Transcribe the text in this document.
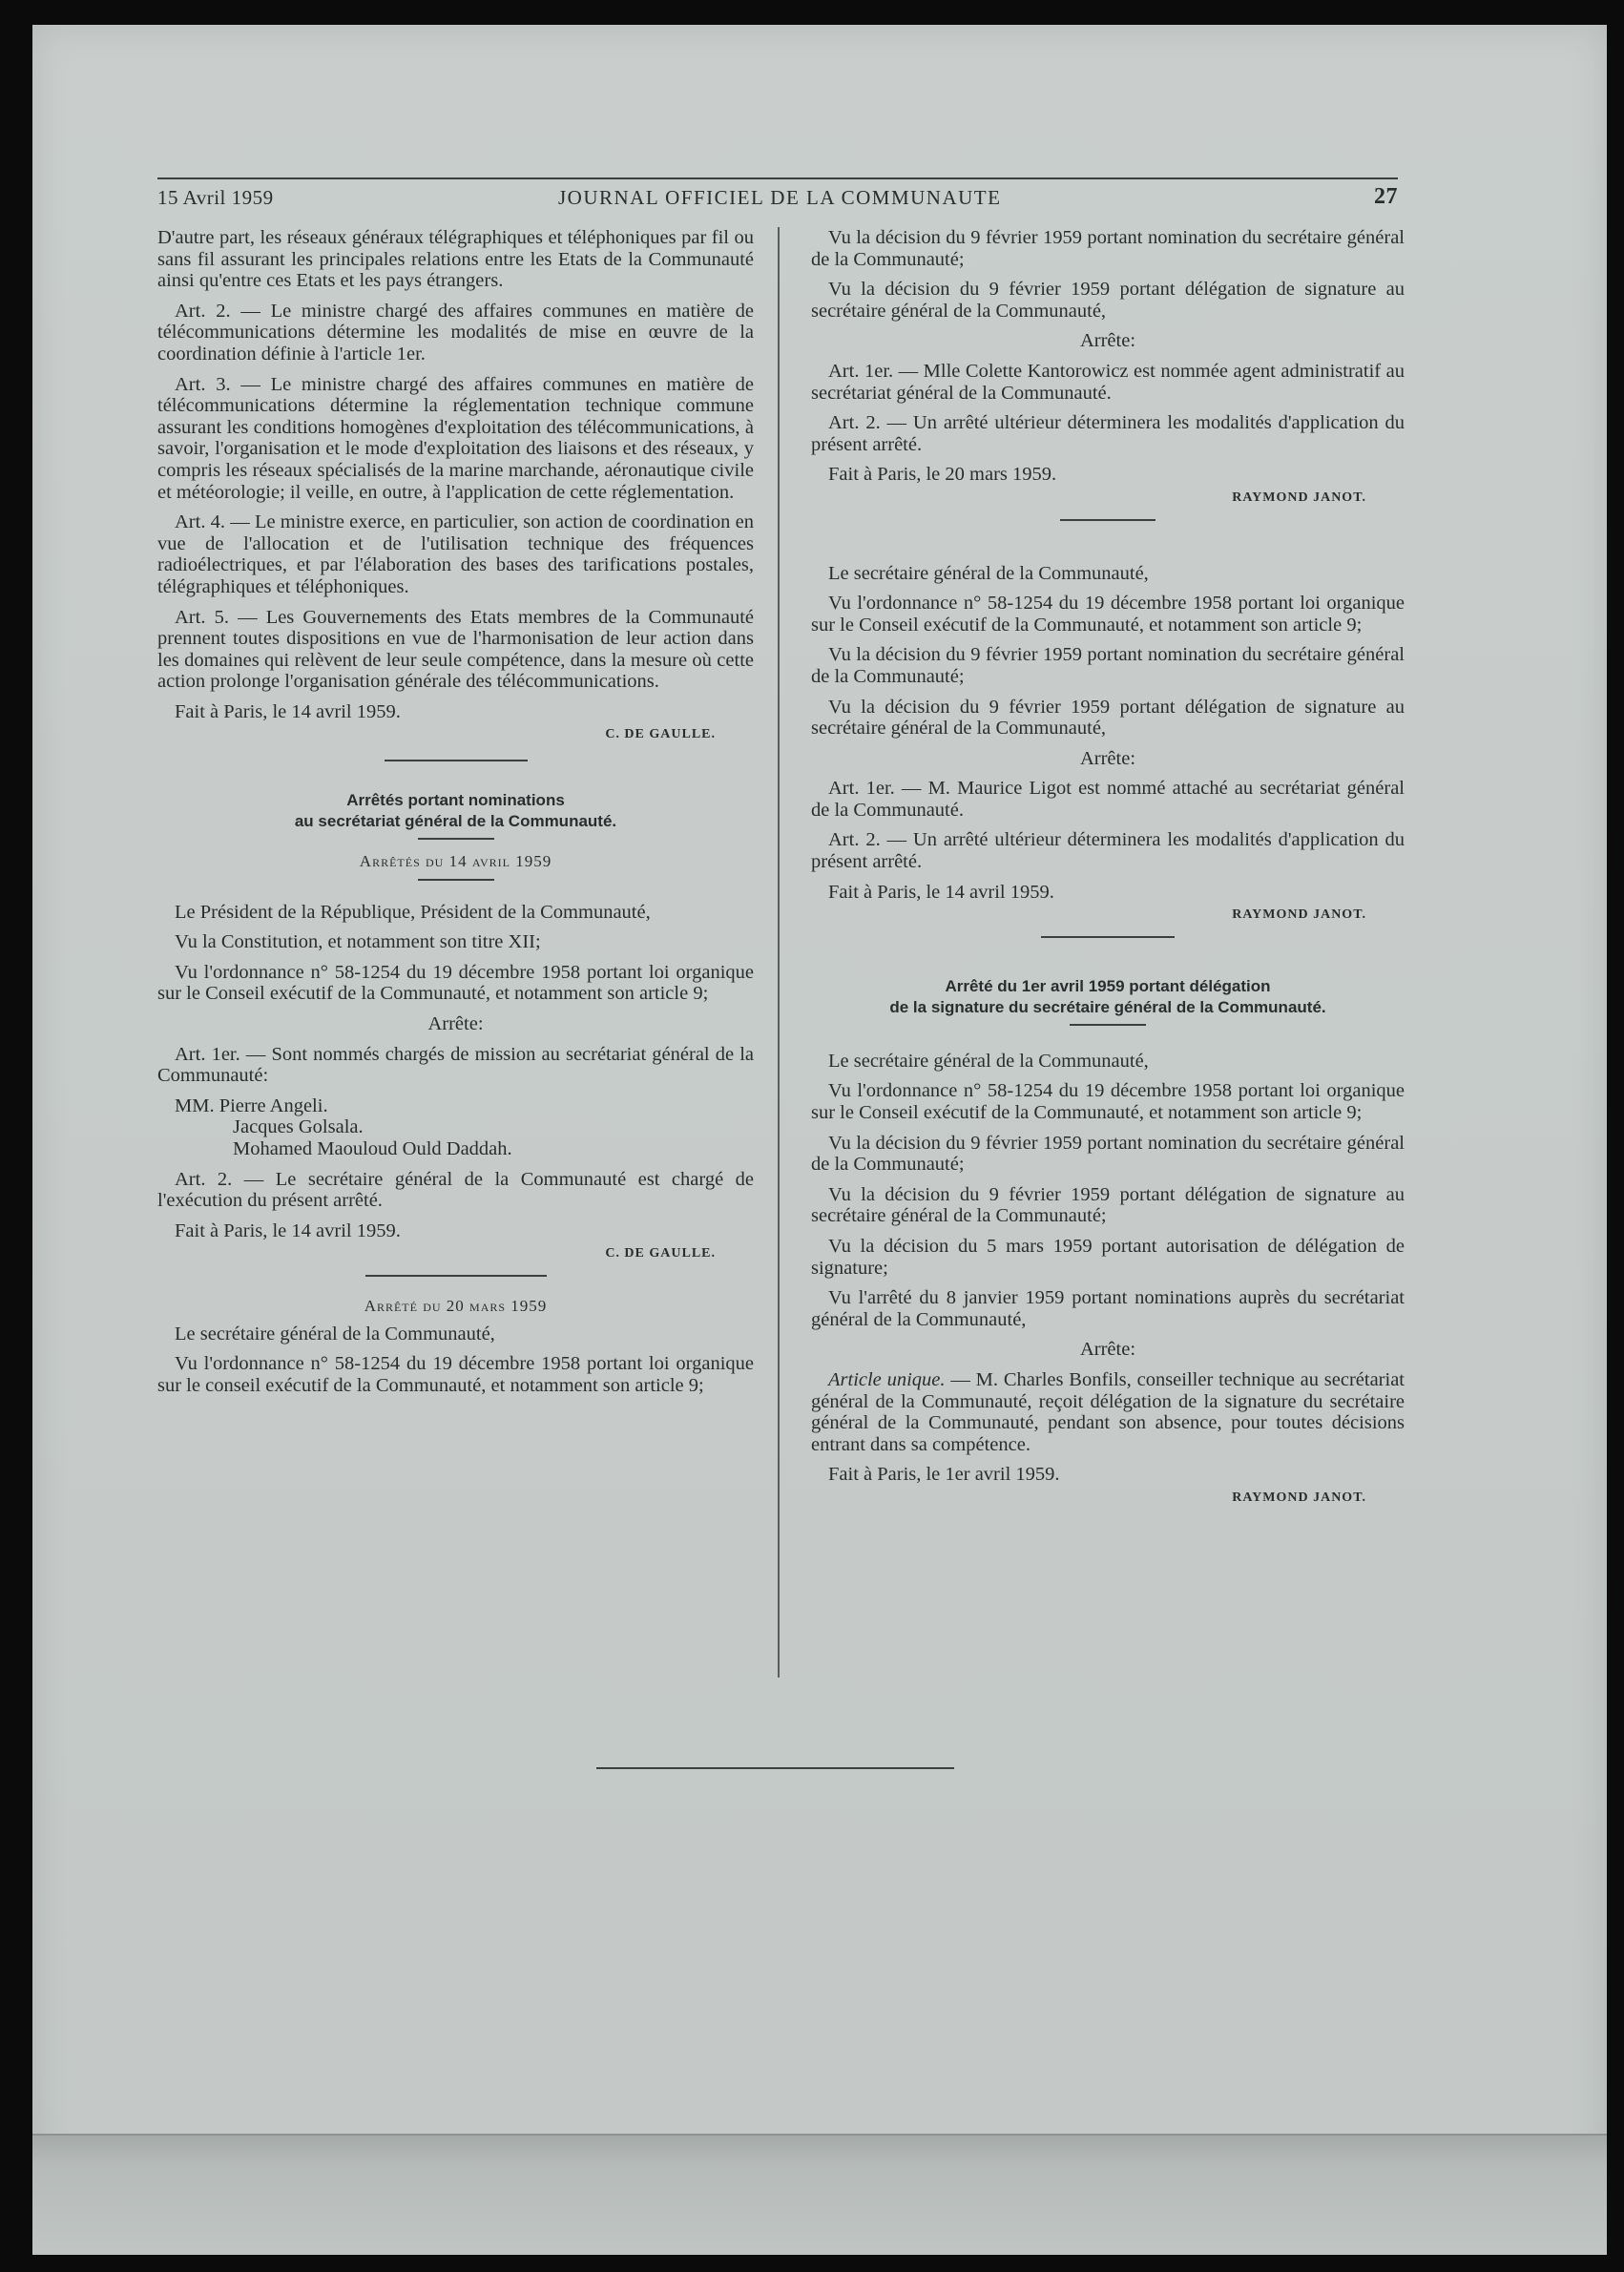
15 Avril 1959	JOURNAL OFFICIEL DE LA COMMUNAUTE	27

D'autre part, les réseaux généraux télégraphiques et téléphoniques par fil ou sans fil assurant les principales relations entre les Etats de la Communauté ainsi qu'entre ces Etats et les pays étrangers.

Art. 2. — Le ministre chargé des affaires communes en matière de télécommunications détermine les modalités de mise en œuvre de la coordination définie à l'article 1er.

Art. 3. — Le ministre chargé des affaires communes en matière de télécommunications détermine la réglementation technique commune assurant les conditions homogènes d'exploitation des télécommunications, à savoir, l'organisation et le mode d'exploitation des liaisons et des réseaux, y compris les réseaux spécialisés de la marine marchande, aéronautique civile et météorologie; il veille, en outre, à l'application de cette réglementation.

Art. 4. — Le ministre exerce, en particulier, son action de coordination en vue de l'allocation et de l'utilisation technique des fréquences radioélectriques, et par l'élaboration des bases des tarifications postales, télégraphiques et téléphoniques.

Art. 5. — Les Gouvernements des Etats membres de la Communauté prennent toutes dispositions en vue de l'harmonisation de leur action dans les domaines qui relèvent de leur seule compétence, dans la mesure où cette action prolonge l'organisation générale des télécommunications.

Fait à Paris, le 14 avril 1959.

C. DE GAULLE.
Arrêtés portant nominations
au secrétariat général de la Communauté.
Arrêtés du 14 avril 1959

Le Président de la République, Président de la Communauté,

Vu la Constitution, et notamment son titre XII;

Vu l'ordonnance n° 58-1254 du 19 décembre 1958 portant loi organique sur le Conseil exécutif de la Communauté, et notamment son article 9;

Arrête:

Art. 1er. — Sont nommés chargés de mission au secrétariat général de la Communauté:

MM. Pierre Angeli.

Jacques Golsala.

Mohamed Maouloud Ould Daddah.

Art. 2. — Le secrétaire général de la Communauté est chargé de l'exécution du présent arrêté.

Fait à Paris, le 14 avril 1959.

C. DE GAULLE.
Arrêté du 20 mars 1959

Le secrétaire général de la Communauté,

Vu l'ordonnance n° 58-1254 du 19 décembre 1958 portant loi organique sur le conseil exécutif de la Communauté, et notamment son article 9;

Vu la décision du 9 février 1959 portant nomination du secrétaire général de la Communauté;

Vu la décision du 9 février 1959 portant délégation de signature au secrétaire général de la Communauté,

Arrête:

Art. 1er. — Mlle Colette Kantorowicz est nommée agent administratif au secrétariat général de la Communauté.

Art. 2. — Un arrêté ultérieur déterminera les modalités d'application du présent arrêté.

Fait à Paris, le 20 mars 1959.

RAYMOND JANOT.

Le secrétaire général de la Communauté,

Vu l'ordonnance n° 58-1254 du 19 décembre 1958 portant loi organique sur le Conseil exécutif de la Communauté, et notamment son article 9;

Vu la décision du 9 février 1959 portant nomination du secrétaire général de la Communauté;

Vu la décision du 9 février 1959 portant délégation de signature au secrétaire général de la Communauté,

Arrête:

Art. 1er. — M. Maurice Ligot est nommé attaché au secrétariat général de la Communauté.

Art. 2. — Un arrêté ultérieur déterminera les modalités d'application du présent arrêté.

Fait à Paris, le 14 avril 1959.

RAYMOND JANOT.
Arrêté du 1er avril 1959 portant délégation
de la signature du secrétaire général de la Communauté.

Le secrétaire général de la Communauté,

Vu l'ordonnance n° 58-1254 du 19 décembre 1958 portant loi organique sur le Conseil exécutif de la Communauté, et notamment son article 9;

Vu la décision du 9 février 1959 portant nomination du secrétaire général de la Communauté;

Vu la décision du 9 février 1959 portant délégation de signature au secrétaire général de la Communauté;

Vu la décision du 5 mars 1959 portant autorisation de délégation de signature;

Vu l'arrêté du 8 janvier 1959 portant nominations auprès du secrétariat général de la Communauté,

Arrête:

Article unique. — M. Charles Bonfils, conseiller technique au secrétariat général de la Communauté, reçoit délégation de la signature du secrétaire général de la Communauté, pendant son absence, pour toutes décisions entrant dans sa compétence.

Fait à Paris, le 1er avril 1959.

RAYMOND JANOT.
